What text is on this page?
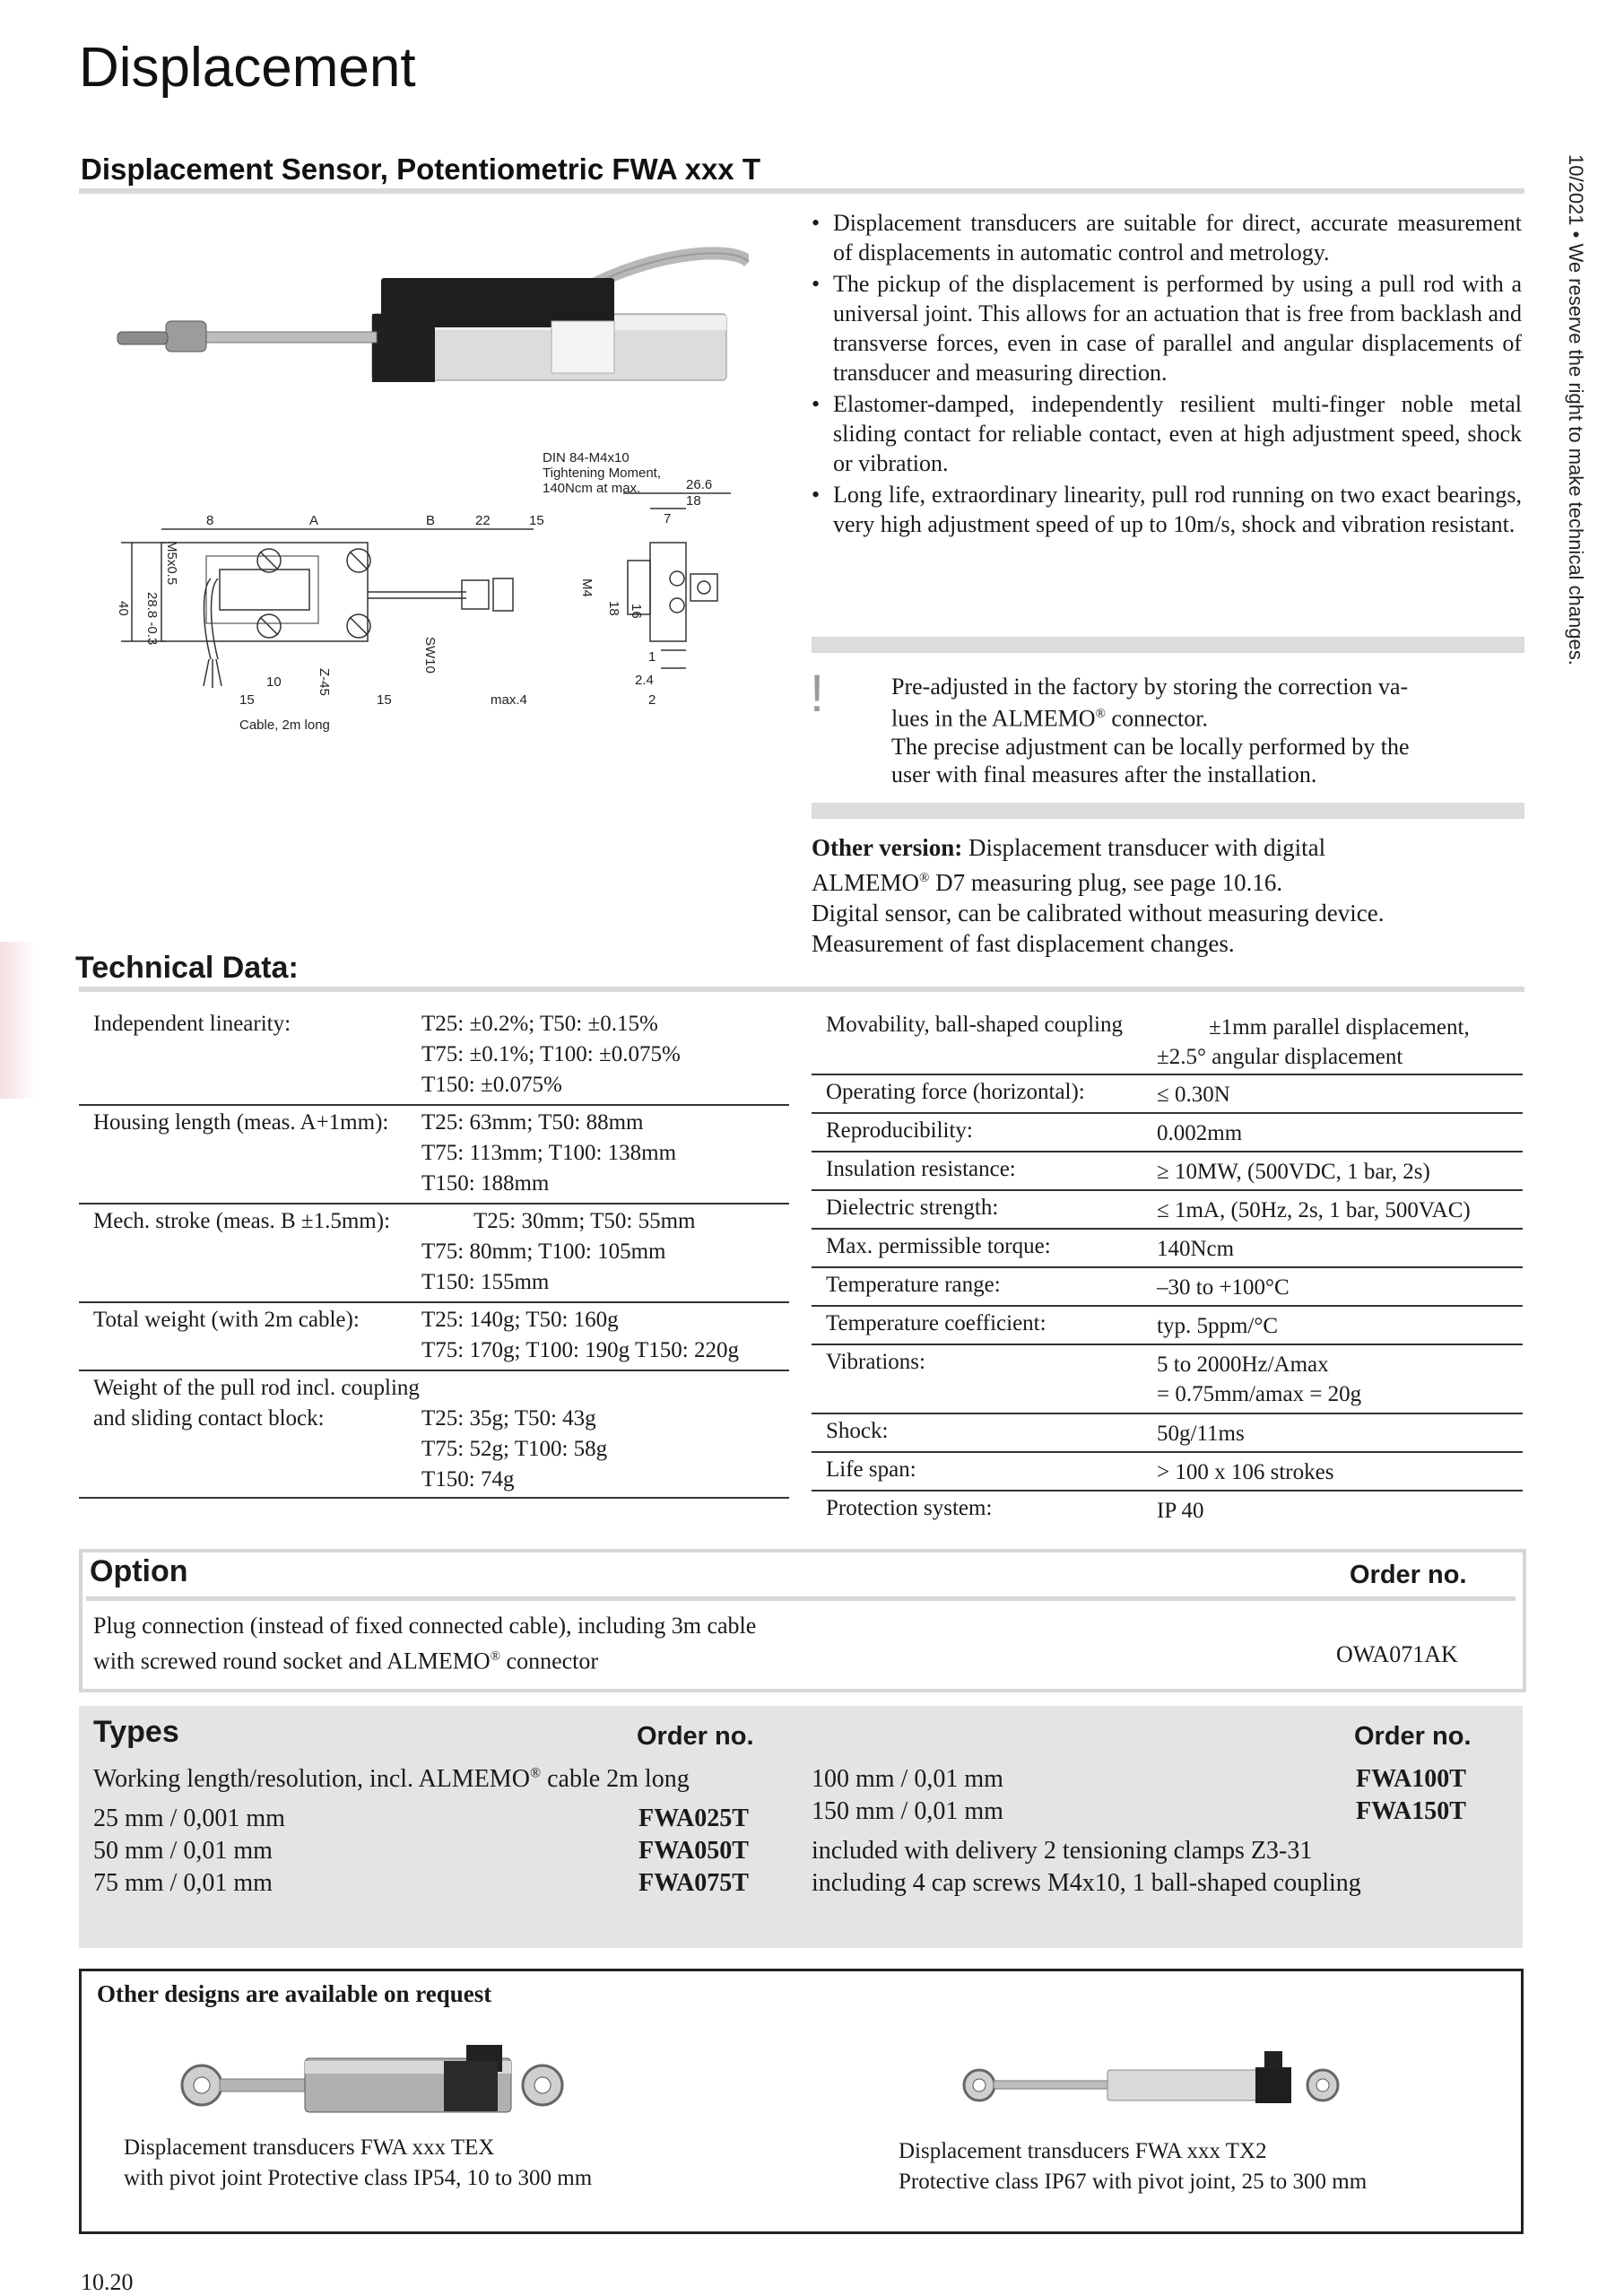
Displacement
Displacement Sensor, Potentiometric FWA xxx T	10/2021 • We reserve the right to make technical changes.
DIN 84-M4x10
Tightening Moment,
140Ncm at max.
8	A	B	22	15
26.6
18
7
M5x0.5
28.8 -0.3
40
M4
18 16
SW10
Z-45
10
15	15	max.4
1
2.4
2
Cable, 2m long
• Displacement transducers are suitable for direct, accurate measurement of displacements in automatic control and metrology.
• The pickup of the displacement is performed by using a pull rod with a universal joint. This allows for an actuation that is free from backlash and transverse forces, even in case of parallel and angular displacements of transducer and measuring direction.
• Elastomer-damped, independently resilient multi-finger noble metal sliding contact for reliable contact, even at high adjustment speed, shock or vibration.
• Long life, extraordinary linearity, pull rod running on two exact bearings, very high adjustment speed of up to 10m/s, shock and vibration resistant.
!	Pre-adjusted in the factory by storing the correction va-
lues in the ALMEMO® connector.
The precise adjustment can be locally performed by the
user with final measures after the installation.
Other version: Displacement transducer with digital
ALMEMO® D7 measuring plug, see page 10.16.
Digital sensor, can be calibrated without measuring device.
Measurement of fast displacement changes.
Technical Data:
Independent linearity:	T25: ±0.2%; T50: ±0.15%
T75: ±0.1%; T100: ±0.075%
T150: ±0.075%
Housing length (meas. A+1mm): T25: 63mm; T50: 88mm
T75: 113mm; T100: 138mm
T150: 188mm
Mech. stroke (meas. B ±1.5mm):	T25: 30mm; T50: 55mm
T75: 80mm; T100: 105mm
T150: 155mm
Total weight (with 2m cable):	T25: 140g; T50: 160g
T75: 170g; T100: 190g T150: 220g
Weight of the pull rod incl. coupling
and sliding contact block:	T25: 35g; T50: 43g
T75: 52g; T100: 58g
T150: 74g
Movability, ball-shaped coupling	±1mm parallel displacement,
±2.5° angular displacement
Operating force (horizontal):	≤ 0.30N
Reproducibility:	0.002mm
Insulation resistance:	≥ 10MW, (500VDC, 1 bar, 2s)
Dielectric strength:	≤ 1mA, (50Hz, 2s, 1 bar, 500VAC)
Max. permissible torque:	140Ncm
Temperature range:	–30 to +100°C
Temperature coefficient:	typ. 5ppm/°C
Vibrations:	5 to 2000Hz/Amax
= 0.75mm/amax = 20g
Shock:	50g/11ms
Life span:	> 100 x 106 strokes
Protection system:	IP 40
Option	Order no.
Plug connection (instead of fixed connected cable), including 3m cable
with screwed round socket and ALMEMO® connector	OWA071AK
Types	Order no.	Order no.
Working length/resolution, incl. ALMEMO® cable 2m long
25 mm / 0,001 mm	FWA025T
50 mm / 0,01 mm	FWA050T
75 mm / 0,01 mm	FWA075T
100 mm / 0,01 mm	FWA100T
150 mm / 0,01 mm	FWA150T
included with delivery 2 tensioning clamps Z3-31
including 4 cap screws M4x10, 1 ball-shaped coupling
Other designs are available on request
Displacement transducers FWA xxx TEX
with pivot joint Protective class IP54, 10 to 300 mm
Displacement transducers FWA xxx TX2
Protective class IP67 with pivot joint, 25 to 300 mm
10.20
